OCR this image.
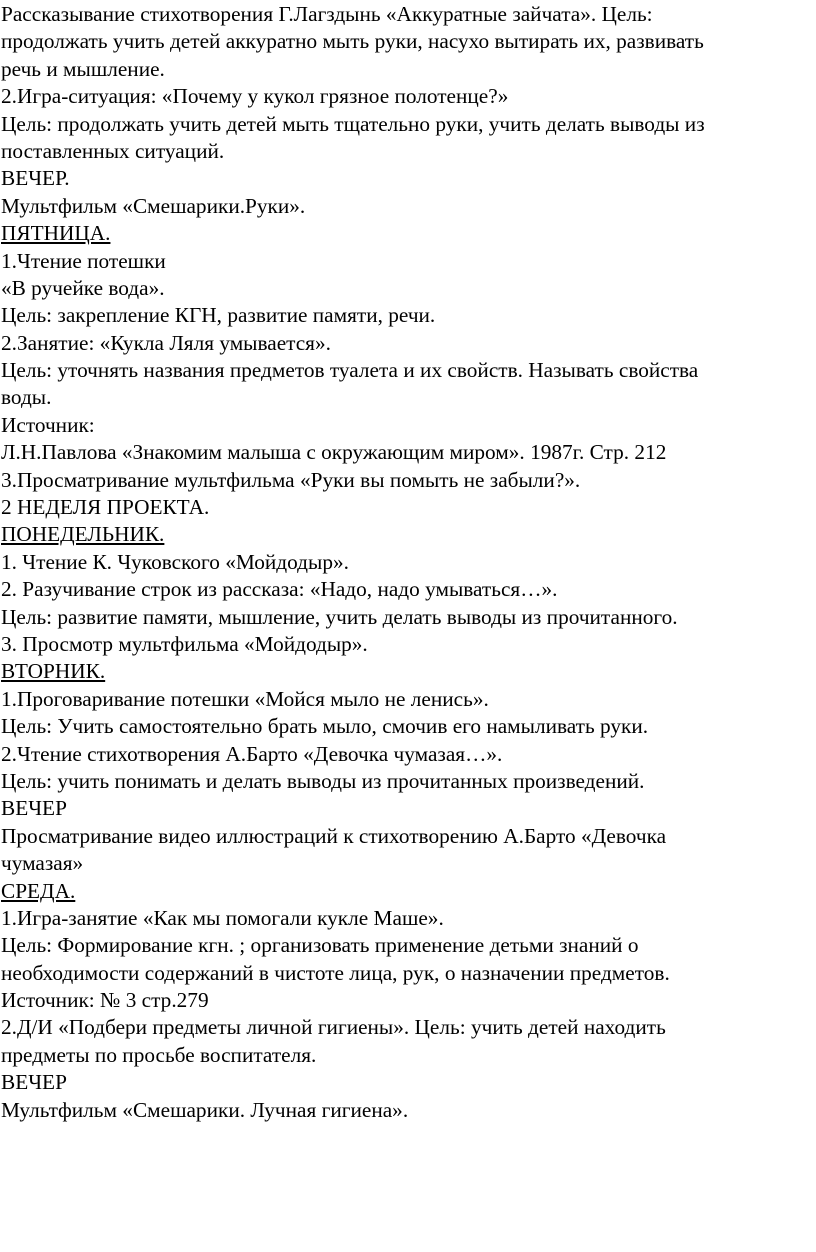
Рассказывание стихотворения Г.Лагздынь «Аккуратные зайчата». Цель:
продолжать учить детей аккуратно мыть руки, насухо вытирать их, развивать
речь и мышление.
2.Игра-ситуация: «Почему у кукол грязное полотенце?»
Цель: продолжать учить детей мыть тщательно руки, учить делать выводы из
поставленных ситуаций.
ВЕЧЕР.
Мультфильм «Смешарики.Руки».
ПЯТНИЦА.
1.Чтение потешки
«В ручейке вода».
Цель: закрепление КГН, развитие памяти, речи.
2.Занятие: «Кукла Ляля умывается».
Цель: уточнять названия предметов туалета и их свойств. Называть свойства
воды.
Источник:
Л.Н.Павлова «Знакомим малыша с окружающим миром». 1987г. Стр. 212
3.Просматривание мультфильма «Руки вы помыть не забыли?».
2 НЕДЕЛЯ ПРОЕКТА.
ПОНЕДЕЛЬНИК.
1. Чтение К. Чуковского «Мойдодыр».
2. Разучивание строк из рассказа: «Надо, надо умываться…».
Цель: развитие памяти, мышление, учить делать выводы из прочитанного.
3. Просмотр мультфильма «Мойдодыр».
ВТОРНИК.
1.Проговаривание потешки «Мойся мыло не ленись».
Цель: Учить самостоятельно брать мыло, смочив его намыливать руки.
2.Чтение стихотворения А.Барто «Девочка чумазая…».
Цель: учить понимать и делать выводы из прочитанных произведений.
ВЕЧЕР
Просматривание видео иллюстраций к стихотворению А.Барто «Девочка
чумазая»
СРЕДА.
1.Игра-занятие «Как мы помогали кукле Маше».
Цель: Формирование кгн. ; организовать применение детьми знаний о
необходимости содержаний в чистоте лица, рук, о назначении предметов.
Источник: № 3 стр.279
2.Д/И «Подбери предметы личной гигиены». Цель: учить детей находить
предметы по просьбе воспитателя.
ВЕЧЕР
Мультфильм «Смешарики. Лучная гигиена».
